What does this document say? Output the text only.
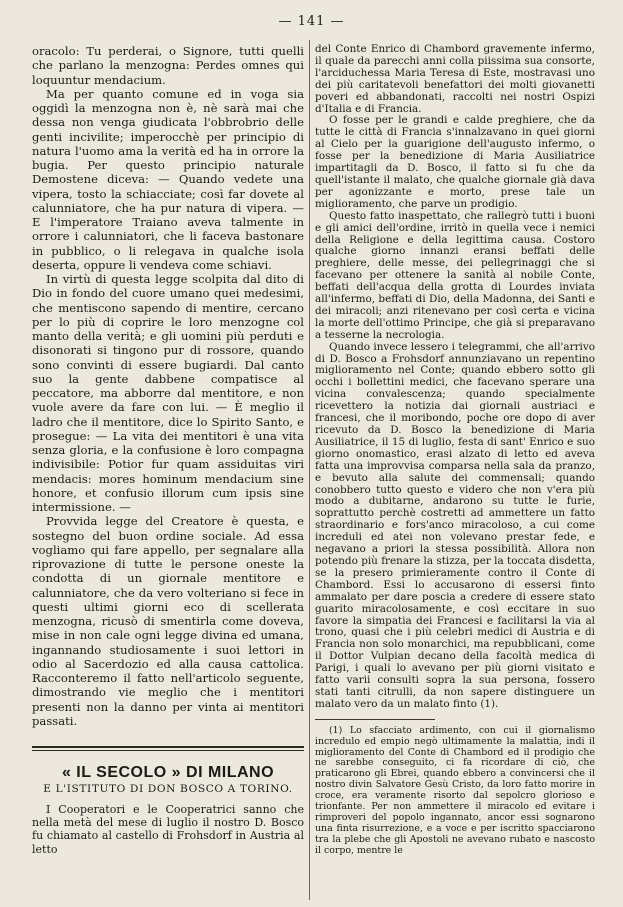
— 141 —

oracolo: Tu perderai, o Signore, tutti quelli che parlano la menzogna: Perdes omnes qui loquuntur mendacium.

Ma per quanto comune ed in voga sia oggidì la menzogna non è, nè sarà mai che dessa non venga giudicata l'obbrobrio delle genti incivilite; imperocchè per principio di natura l'uomo ama la verità ed ha in orrore la bugia. Per questo principio naturale Demostene diceva: — Quando vedete una vipera, tosto la schiacciate; così far dovete al calunniatore, che ha pur natura di vipera. — E l'imperatore Traiano aveva talmente in orrore i calunniatori, che li faceva bastonare in pubblico, o li relegava in qualche isola deserta, oppure li vendeva come schiavi.

In virtù di questa legge scolpita dal dito di Dio in fondo del cuore umano quei medesimi, che mentiscono sapendo di mentire, cercano per lo più di coprire le loro menzogne col manto della verità; e gli uomini più perduti e disonorati si tingono pur di rossore, quando sono convinti di essere bugiardi. Dal canto suo la gente dabbene compatisce al peccatore, ma abborre dal mentitore, e non vuole avere da fare con lui. — È meglio il ladro che il mentitore, dice lo Spirito Santo, e prosegue: — La vita dei mentitori è una vita senza gloria, e la confusione è loro compagna indivisibile: Potior fur quam assiduitas viri mendacis: mores hominum mendacium sine honore, et confusio illorum cum ipsis sine intermissione. —

Provvida legge del Creatore è questa, e sostegno del buon ordine sociale. Ad essa vogliamo qui fare appello, per segnalare alla riprovazione di tutte le persone oneste la condotta di un giornale mentitore e calunniatore, che da vero volteriano si fece in questi ultimi giorni eco di scellerata menzogna, ricusò di smentirla come doveva, mise in non cale ogni legge divina ed umana, ingannando studiosamente i suoi lettori in odio al Sacerdozio ed alla causa cattolica. Racconteremo il fatto nell'articolo seguente, dimostrando vie meglio che i mentitori presenti non la danno per vinta ai mentitori passati.

« IL SECOLO » DI MILANO
E L'ISTITUTO DI DON BOSCO A TORINO.

I Cooperatori e le Cooperatrici sanno che nella metà del mese di luglio il nostro D. Bosco fu chiamato al castello di Frohsdorf in Austria al letto

del Conte Enrico di Chambord gravemente infermo, il quale da parecchi anni colla piissima sua consorte, l'arciduchessa Maria Teresa di Este, mostravasi uno dei più caritatevoli benefattori dei molti giovanetti poveri ed abbandonati, raccolti nei nostri Ospizi d'Italia e di Francia.

O fosse per le grandi e calde preghiere, che da tutte le città di Francia s'innalzavano in quei giorni al Cielo per la guarigione dell'augusto infermo, o fosse per la benedizione di Maria Ausiliatrice impartitagli da D. Bosco, il fatto si fu che da quell'istante il malato, che qualche giornale già dava per agonizzante e morto, prese tale un miglioramento, che parve un prodigio.

Questo fatto inaspettato, che rallegrò tutti i buoni e gli amici dell'ordine, irritò in quella vece i nemici della Religione e della legittima causa. Costoro qualche giorno innanzi eransi beffati delle preghiere, delle messe, dei pellegrinaggi che si facevano per ottenere la sanità al nobile Conte, beffati dell'acqua della grotta di Lourdes inviata all'infermo, beffati di Dio, della Madonna, dei Santi e dei miracoli; anzi ritenevano per così certa e vicina la morte dell'ottimo Principe, che già si preparavano a tesserne la necrologia.

Quando invece lessero i telegrammi, che all'arrivo di D. Bosco a Frohsdorf annunziavano un repentino miglioramento nel Conte; quando ebbero sotto gli occhi i bollettini medici, che facevano sperare una vicina convalescenza; quando specialmente ricevettero la notizia dai giornali austriaci e francesi, che il moribondo, poche ore dopo di aver ricevuto da D. Bosco la benedizione di Maria Ausiliatrice, il 15 di luglio, festa di sant' Enrico e suo giorno onomastico, erasi alzato di letto ed aveva fatta una improvvisa comparsa nella sala da pranzo, e bevuto alla salute dei commensali; quando conobbero tutto questo e videro che non v'era più modo a dubitarne, andarono su tutte le furie, soprattutto perchè costretti ad ammettere un fatto straordinario e fors'anco miracoloso, a cui come increduli ed atei non volevano prestar fede, e negavano a priori la stessa possibilità. Allora non potendo più frenare la stizza, per la toccata disdetta, se la presero primieramente contro il Conte di Chambord. Essi lo accusarono di essersi finto ammalato per dare poscia a credere di essere stato guarito miracolosamente, e così eccitare in suo favore la simpatia dei Francesi e facilitarsi la via al trono, quasi che i più celebri medici di Austria e di Francia non solo monarchici, ma repubblicani, come il Dottor Vulpian decano della facoltà medica di Parigi, i quali lo avevano per più giorni visitato e fatto varii consulti sopra la sua persona, fossero stati tanti citrulli, da non sapere distinguere un malato vero da un malato finto (1).

(1) Lo sfacciato ardimento, con cui il giornalismo incredulo ed empio negò ultimamente la malattia, indi il miglioramento del Conte di Chambord ed il prodigio che ne sarebbe conseguito, ci fa ricordare di ciò, che praticarono gli Ebrei, quando ebbero a convincersi che il nostro divin Salvatore Gesù Cristo, da loro fatto morire in croce, era veramente risorto dal sepolcro glorioso e trionfante. Per non ammettere il miracolo ed evitare i rimproveri del popolo ingannato, ancor essi sognarono una finta risurrezione, e a voce e per iscritto spacciarono tra la plebe che gli Apostoli ne avevano rubato e nascosto il corpo, mentre le
